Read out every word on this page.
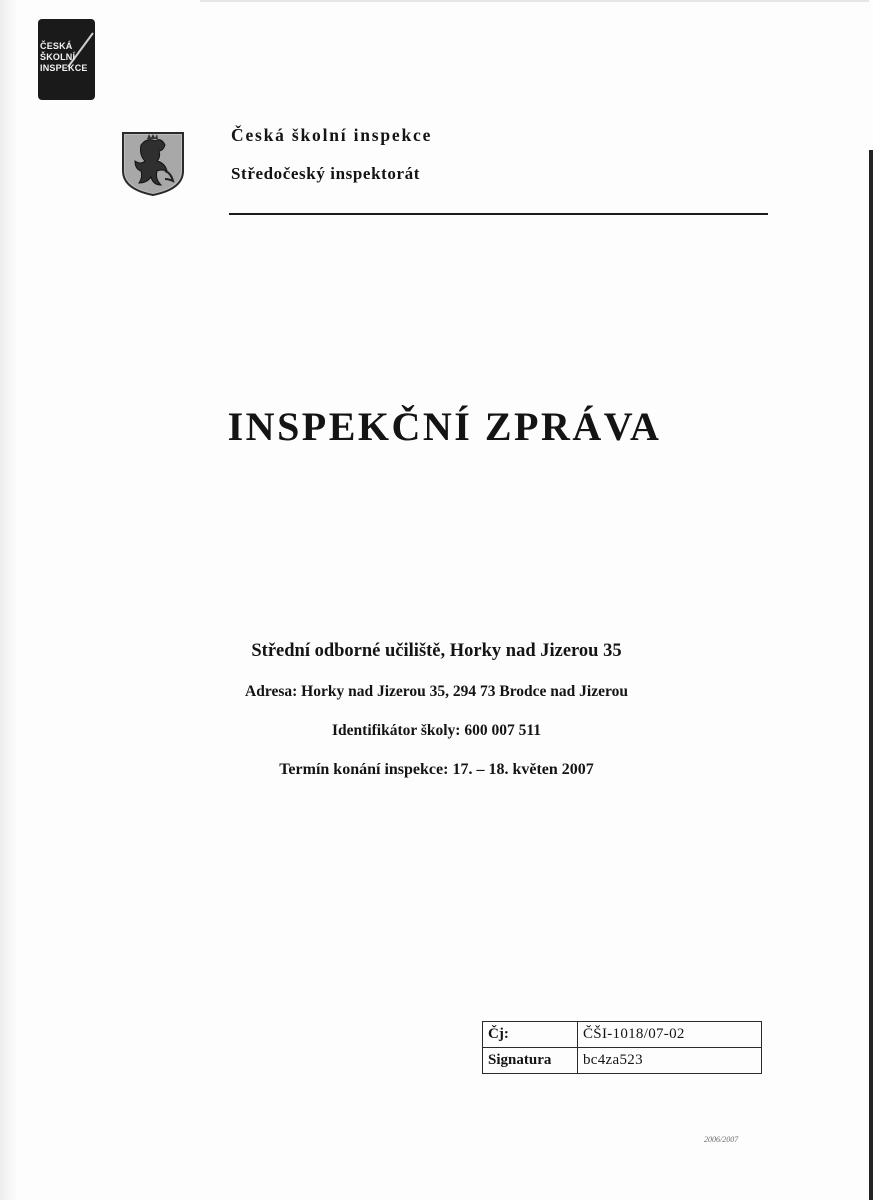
ČESKÁ
ŠKOLNÍ
INSPEKCE
Česká školní inspekce
Středočeský inspektorát
INSPEKČNÍ ZPRÁVA
Střední odborné učiliště, Horky nad Jizerou 35
Adresa: Horky nad Jizerou 35, 294 73 Brodce nad Jizerou
Identifikátor školy: 600 007 511
Termín konání inspekce: 17. – 18. květen 2007
Čj:	ČŠI-1018/07-02
Signatura	bc4za523
2006/2007
